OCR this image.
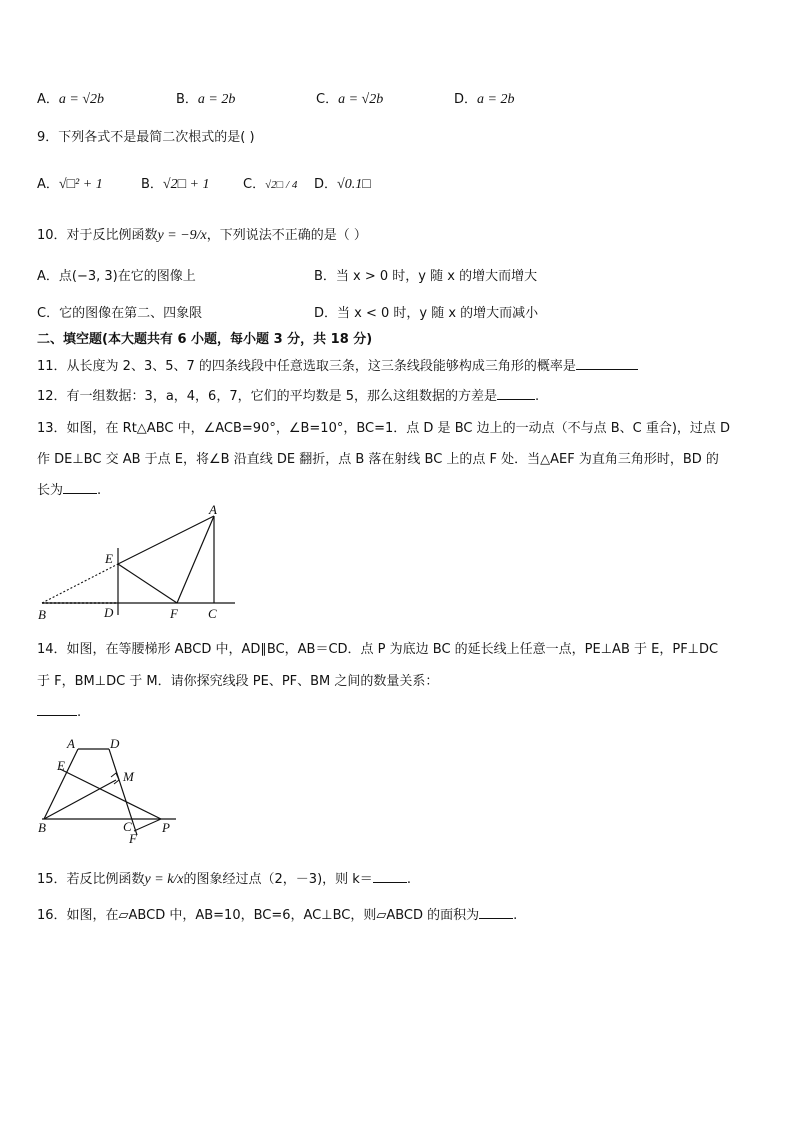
A．a = √2b	B．a = 2b	C．a = √2b	D．a = 2b
9．下列各式不是最简二次根式的是( )
A．√□² + 1	B．√2□ + 1	C．√2□ / 4 D．√0.1□
10．对于反比例函数y = −9/x，下列说法不正确的是（ ）
A．点(−3, 3)在它的图像上	B．当 x > 0 时，y 随 x 的增大而增大
C．它的图像在第二、四象限	D．当 x < 0 时，y 随 x 的增大而减小
二、填空题(本大题共有 6 小题，每小题 3 分，共 18 分)
11．从长度为 2、3、5、7 的四条线段中任意选取三条，这三条线段能够构成三角形的概率是
12．有一组数据：3，a，4，6，7，它们的平均数是 5，那么这组数据的方差是	.
13．如图，在 Rt△ABC 中，∠ACB=90°，∠B=10°，BC=1．点 D 是 BC 边上的一动点（不与点 B、C 重合)，过点 D
作 DE⊥BC 交 AB 于点 E，将∠B 沿直线 DE 翻折，点 B 落在射线 BC 上的点 F 处．当△AEF 为直角三角形时，BD 的
长为	.
A
E
B	D	F C
14．如图，在等腰梯形 ABCD 中，AD∥BC，AB＝CD．点 P 为底边 BC 的延长线上任意一点，PE⊥AB 于 E，PF⊥DC
于 F，BM⊥DC 于 M．请你探究线段 PE、PF、BM 之间的数量关系：
.
A	D
E
M
B	C P
F
15．若反比例函数y = k/x的图象经过点（2，－3)，则 k＝	.
16．如图，在▱ABCD 中，AB=10，BC=6，AC⊥BC，则▱ABCD 的面积为	.
